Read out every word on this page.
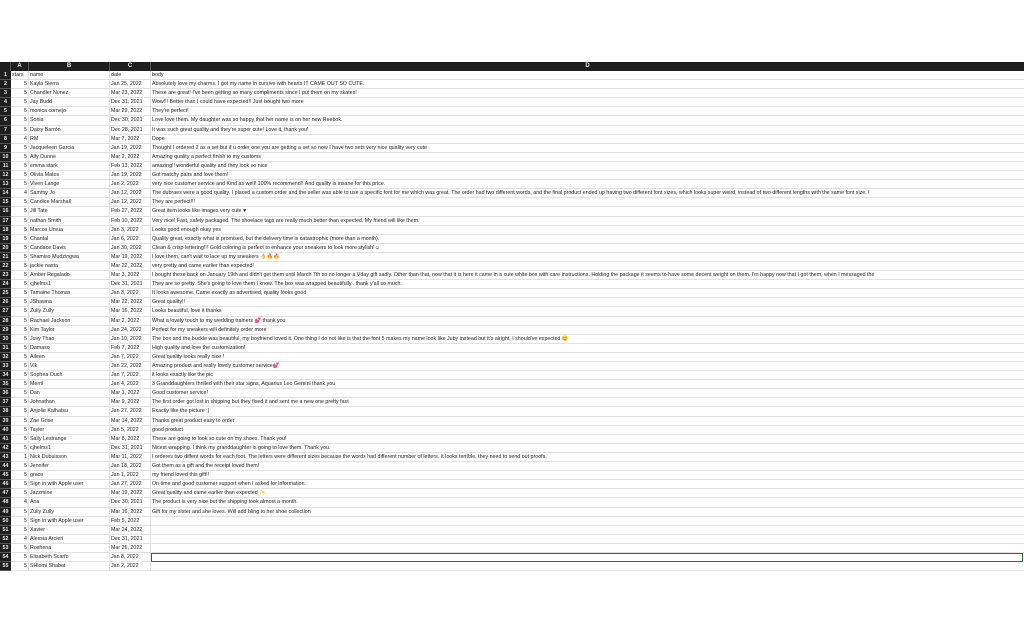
A	B	C	D
1 stars	name	date	body
2	5 Kayla Sierra	Jan 25, 2022	Absolutely love my charms. I got my name in cursive with hearts IT CAME OUT SO CUTE.
3	5 Chandler Nunez	Mar 23, 2022	These are great! I've been getting so many compliments since I put them on my skates!
4	5 Jay Budd	Dec 31, 2021	Wow!!! Better than I could have expected!! Just bought two more
5	5 monica cornejo	Mar 29, 2022	They're perfect!
6	5 Sonia	Dec 30, 2021	Love love them. My daughter was so happy that her name is on her new Reebok.
7	5 Daisy Barrón	Dec 28, 2021	It was such great quality and they're super cute! Love it, thank you!
8	4 RM	Mar 7, 2022	Dope
9	5 Jacqueleen Garcia	Jan 19, 2022	Thought I ordered 2 as a set but if u order one you are getting a set so now I have two sets very nice quality very cute
10	5 Alfy Dunne	Mar 2, 2022	Amazing quality a perfect finish to my customs
11	5 emma stark	Feb 13, 2022	amazing!! wonderful quality and they look so nice
12	5 Olivia Matos	Jan 19, 2022	Got matchy pairs and love them!
13	5 Viven Lange	Jan 2, 2022	very nice customer service and Kind as well! 100% recommend!! And quality is insane for this price.
14	4 Sammy Jo	Jan 12, 2022	The dubraes were a good quality. I placed a custom order and the seller was able to use a specific font for me which was great. The order had two different words, and the final product ended up having two different font sizes, which looks super weird, instead of two different lengths with the same font size. I
15	5 Candice Marshall	Jan 12, 2022	They are perfect!!!
16	5 Jill Tate	Feb 27, 2022	Great item looks like images very cute ♥
17	5 nathan Smith	Feb 10, 2022	Very nice! Fast, safely packaged. The shoelace tags are really much better than expected. My friend will like them.
18	5 Marcos Ursua	Jan 3, 2022	Looks good enough okay yes
19	5 Chantal	Jan 6, 2022	Quality great, exactly what is promised, but the delivery time is catastrophic (more than a month).
20	5 Candace Davis	Jan 30, 2022	Clean & crisp lettering!!! Gold coloring is perfect to enhance your sneakers to look more stylish!☺
21	5 Shamiso Mudzingwa	Mar 19, 2022	I love them, can't wait to lace up my sneakers 👌🔥🔥
22	5 jackie nasta	Mar 22, 2022	very pretty and came earlier than expected!
23	5 Amber Regalado	Mar 3, 2022	I bought these back on January 19th and didn't get them until March 7th so no longer a Vday gift sadly. Other than that, now that it is here it came in a cute white box with care instructions. Holding the package it seems to have some decent weight on them. I'm happy now that I got them, when I messaged the
24	5 cjhelms1	Dec 31, 2021	They are so pretty. She's going to love them I know. The box was wrapped beautifully.. thank y'all so much.
25	5 Tamaine Thomas	Jan 3, 2022	It looks awesome. Came exactly as advertised, quality looks good
26	5 JShawna	Mar 22, 2022	Great quality!!
27	5 Zully Zully	Mar 16, 2022	Looks beautiful, love it thanks
28	5 Rachael Jackson	Mar 2, 2022	What a lovely touch to my wedding trainers 💕 thank you
29	5 Kim Taylor	Jan 24, 2022	Perfect for my sneakers will definitely order more
30	5 Juvy Thao	Jan 10, 2022	The box and the buckle was beautiful, my boyfriend loved it. One thing I do not like is that the font 5 makes my name look like Juby instead but it's alright, I should've expected 😊
31	5 Damaso	Feb 7, 2022	High quality and love the customization!
32	5 Aileen	Jan 7, 2022	Great quality looks really nice !
33	5 Vik	Jan 22, 2022	Amazing product and really lovely customer service💕
34	5 Sophea Ouch	Jan 7, 2022	it looks exactly like the pic
35	5 Merril	Jan 4, 2022	3 Granddaughters thrilled with their star signs, Aquarius Leo Gemini thank you
36	5 Dan	Mar 1, 2022	Good customer service!
37	5 Johnathan	Mar 9, 2022	The first order got lost in shipping but they fixed it and sent me a new one pretty fast
38	5 Anjolie Kalhatsu	Jan 27, 2022	Exactly like the picture :)
39	5 Zae Grise	Mar 14, 2022	Thanks great product easy to order
40	5 Tayler	Jan 5, 2022	good product
41	5 Sally Lestrange	Mar 8, 2022	These are going to look so cute on my shoes. Thank you!
42	5 cjhelms1	Dec 31, 2021	Nicest wrapping. I think my granddaughter is going to love them. Thank you.
43	1 Nick Dubuisson	Mar 11, 2022	I orderes two diffent words for each foot. The letters were different sizes because the words had different number of letters. It looks terrible. they need to send out proofs.
44	5 Jennifer	Jan 18, 2022	Got them as a gift and the receipt loved them!
45	5 grace	Jan 1, 2022	my friend loved this gift!!
46	5 Sign in with Apple user	Jan 27, 2022	On time and good customer support when I asked for information.
47	5 Jazzmine	Mar 19, 2022	Great quality and came earlier than expected ✨
48	4 Ana	Dec 30, 2021	The product is very nice but the shipping took almost a month.
49	5 Zully Zully	Mar 16, 2022	Gift for my sister and she loves. Will add bling to her shoe collection
50	5 Sign in with Apple user	Feb 5, 2022
51	5 Xavier	Mar 24, 2022
52	4 Alessia Arcieri	Dec 31, 2021
53	5 Roshena	Mar 26, 2022
54	5 Elisabeth Scarfo	Jan 8, 2022
55	5 SHlomi Shabat	Jan 2, 2022
